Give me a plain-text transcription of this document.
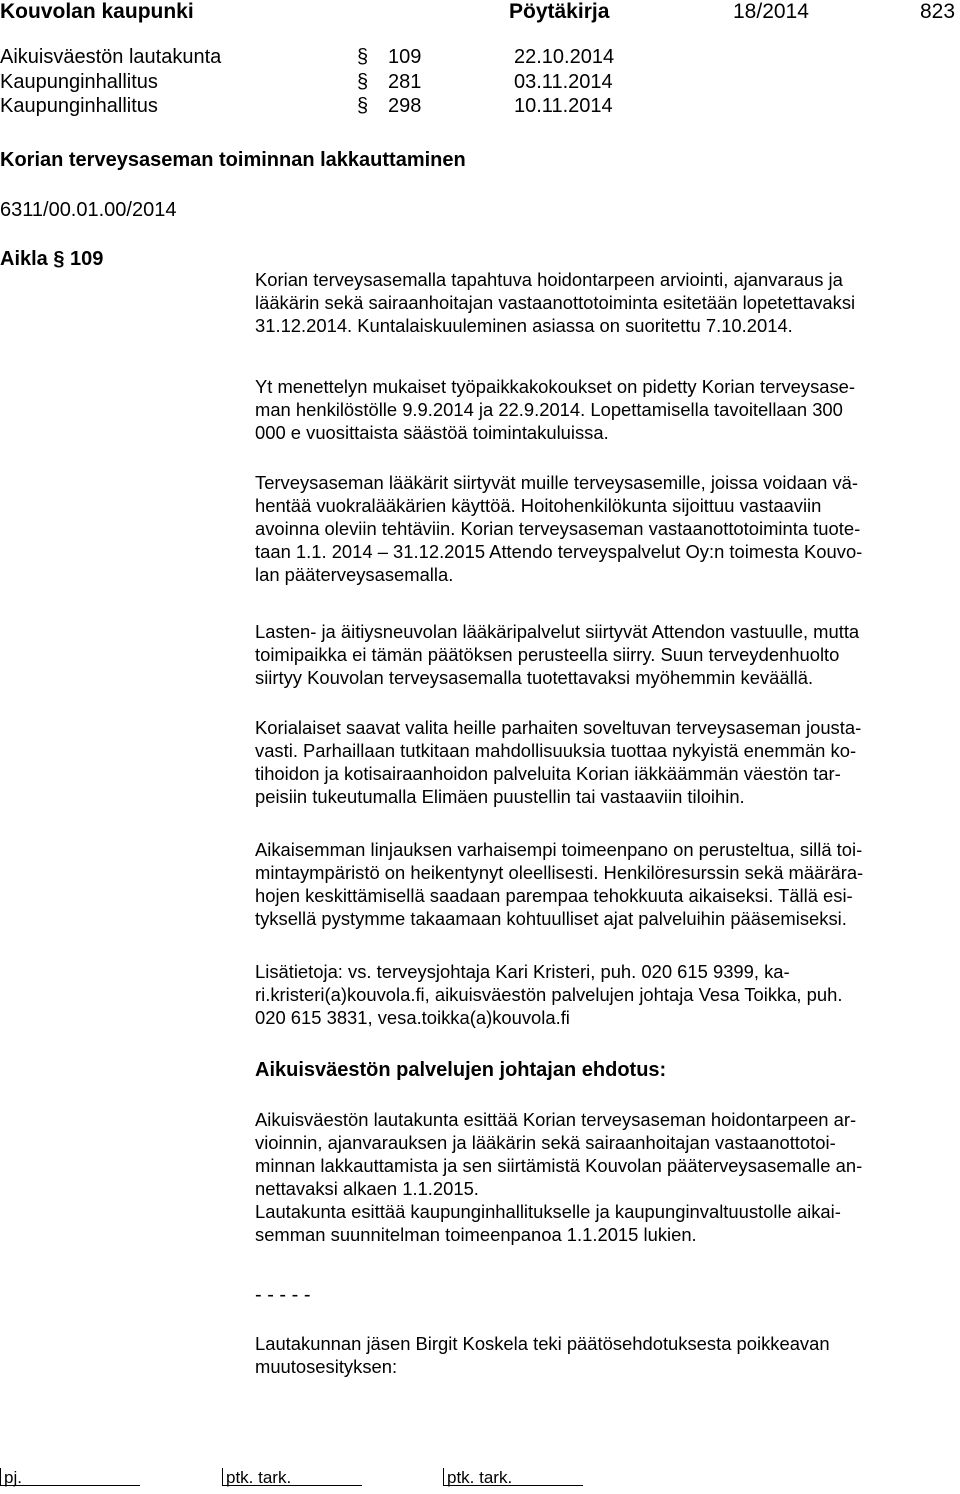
Kouvolan kaupunki	Pöytäkirja	18/2014	823
Aikuisväestön lautakunta	§ 109	22.10.2014
Kaupunginhallitus	§ 281	03.11.2014
Kaupunginhallitus	§ 298	10.11.2014
Korian terveysaseman toiminnan lakkauttaminen
6311/00.01.00/2014
Aikla § 109
Korian terveysasemalla tapahtuva hoidontarpeen arviointi, ajanvaraus ja
lääkärin sekä sairaanhoitajan vastaanottotoiminta esitetään lopetettavaksi
31.12.2014. Kuntalaiskuuleminen asiassa on suoritettu 7.10.2014.
Yt menettelyn mukaiset työpaikkakokoukset on pidetty Korian terveysase-
man henkilöstölle 9.9.2014 ja 22.9.2014. Lopettamisella tavoitellaan 300
000 e vuosittaista säästöä toimintakuluissa.
Terveysaseman lääkärit siirtyvät muille terveysasemille, joissa voidaan vä-
hentää vuokralääkärien käyttöä. Hoitohenkilökunta sijoittuu vastaaviin
avoinna oleviin tehtäviin. Korian terveysaseman vastaanottotoiminta tuote-
taan 1.1. 2014 – 31.12.2015 Attendo terveyspalvelut Oy:n toimesta Kouvo-
lan pääterveysasemalla.
Lasten- ja äitiysneuvolan lääkäripalvelut siirtyvät Attendon vastuulle, mutta
toimipaikka ei tämän päätöksen perusteella siirry. Suun terveydenhuolto
siirtyy Kouvolan terveysasemalla tuotettavaksi myöhemmin keväällä.
Korialaiset saavat valita heille parhaiten soveltuvan terveysaseman jousta-
vasti. Parhaillaan tutkitaan mahdollisuuksia tuottaa nykyistä enemmän ko-
tihoidon ja kotisairaanhoidon palveluita Korian iäkkäämmän väestön tar-
peisiin tukeutumalla Elimäen puustellin tai vastaaviin tiloihin.
Aikaisemman linjauksen varhaisempi toimeenpano on perusteltua, sillä toi-
mintaympäristö on heikentynyt oleellisesti. Henkilöresurssin sekä määrära-
hojen keskittämisellä saadaan parempaa tehokkuuta aikaiseksi. Tällä esi-
tyksellä pystymme takaamaan kohtuulliset ajat palveluihin pääsemiseksi.
Lisätietoja: vs. terveysjohtaja Kari Kristeri, puh. 020 615 9399, ka-
ri.kristeri(a)kouvola.fi, aikuisväestön palvelujen johtaja Vesa Toikka, puh.
020 615 3831, vesa.toikka(a)kouvola.fi
Aikuisväestön palvelujen johtajan ehdotus:
Aikuisväestön lautakunta esittää Korian terveysaseman hoidontarpeen ar-
vioinnin, ajanvarauksen ja lääkärin sekä sairaanhoitajan vastaanottotoi-
minnan lakkauttamista ja sen siirtämistä Kouvolan pääterveysasemalle an-
nettavaksi alkaen 1.1.2015.
Lautakunta esittää kaupunginhallitukselle ja kaupunginvaltuustolle aikai-
semman suunnitelman toimeenpanoa 1.1.2015 lukien.
- - - - -
Lautakunnan jäsen Birgit Koskela teki päätösehdotuksesta poikkeavan
muutosesityksen:
pj.	ptk. tark.	ptk. tark.
